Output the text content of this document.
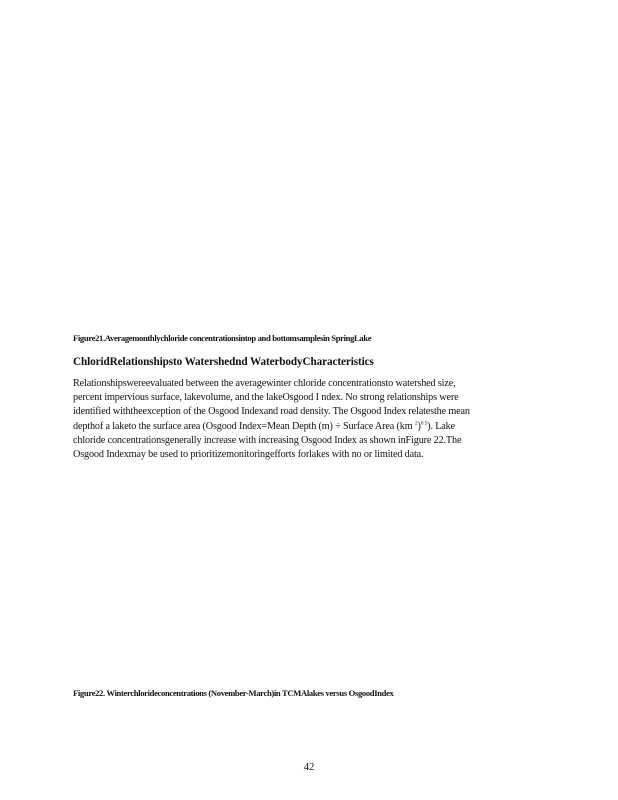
Figure21.Averagemonthlychloride concentrationsintop and bottomsamplesin SpringLake
ChloridRelationshipsto Watershednd WaterbodyCharacteristics
Relationshipswereevaluated between the averagewinter chloride concentrationsto watershed size,
percent impervious surface, lakevolume, and the lakeOsgood I ndex. No strong relationships were
identified withtheexception of the Osgood Indexand road density. The Osgood Index relatesthe mean
depthof a laketo the surface area (Osgood Index=Mean Depth (m) ÷ Surface Area (km $^2$)$^{0.5}$). Lake
chloride concentrationsgenerally increase with increasing Osgood Index as shown inFigure 22.The
Osgood Indexmay be used to prioritizemonitoringefforts forlakes with no or limited data.
Figure22. Winterchlorideconcentrations (November-March)in TCMAlakes versus OsgoodIndex
42
